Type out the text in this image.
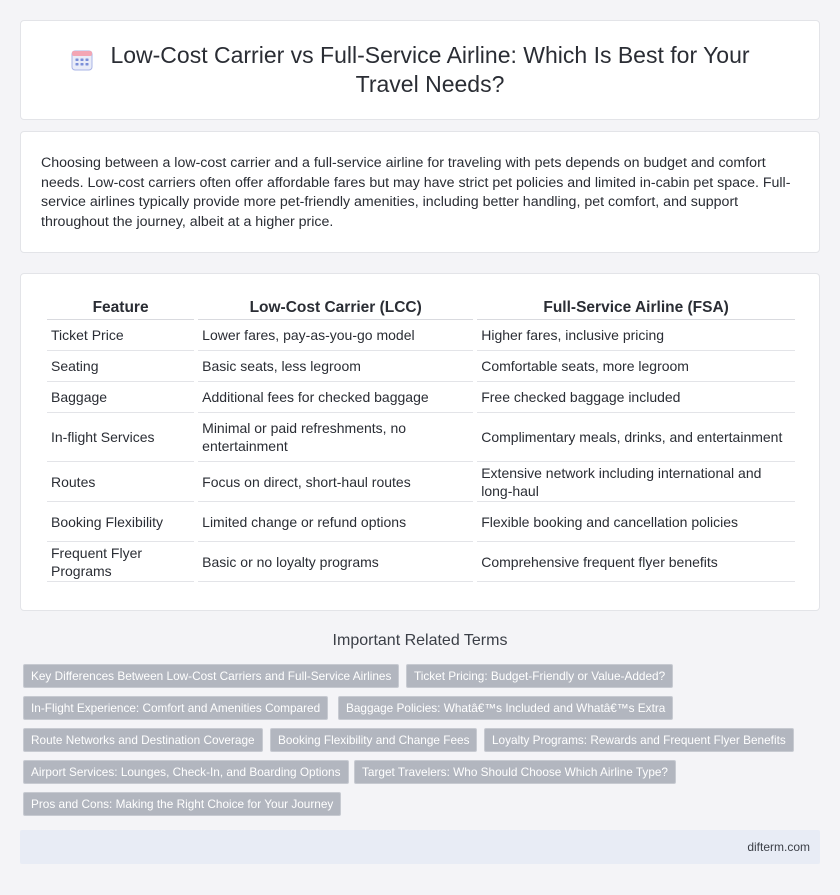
Low-Cost Carrier vs Full-Service Airline: Which Is Best for Your Travel Needs?

Choosing between a low-cost carrier and a full-service airline for traveling with pets depends on budget and comfort needs. Low-cost carriers often offer affordable fares but may have strict pet policies and limited in-cabin pet space. Full-service airlines typically provide more pet-friendly amenities, including better handling, pet comfort, and support throughout the journey, albeit at a higher price.

Feature	Low-Cost Carrier (LCC)	Full-Service Airline (FSA)
Ticket Price	Lower fares, pay-as-you-go model	Higher fares, inclusive pricing
Seating	Basic seats, less legroom	Comfortable seats, more legroom
Baggage	Additional fees for checked baggage	Free checked baggage included
In-flight Services	Minimal or paid refreshments, no entertainment	Complimentary meals, drinks, and entertainment
Routes	Focus on direct, short-haul routes	Extensive network including international and long-haul
Booking Flexibility	Limited change or refund options	Flexible booking and cancellation policies
Frequent Flyer Programs	Basic or no loyalty programs	Comprehensive frequent flyer benefits
Important Related Terms
Key Differences Between Low-Cost Carriers and Full-Service Airlines	Ticket Pricing: Budget-Friendly or Value-Added?
In-Flight Experience: Comfort and Amenities Compared	Baggage Policies: Whatâ€™s Included and Whatâ€™s Extra
Route Networks and Destination Coverage	Booking Flexibility and Change Fees	Loyalty Programs: Rewards and Frequent Flyer Benefits
Airport Services: Lounges, Check-In, and Boarding Options	Target Travelers: Who Should Choose Which Airline Type?
Pros and Cons: Making the Right Choice for Your Journey
difterm.com
